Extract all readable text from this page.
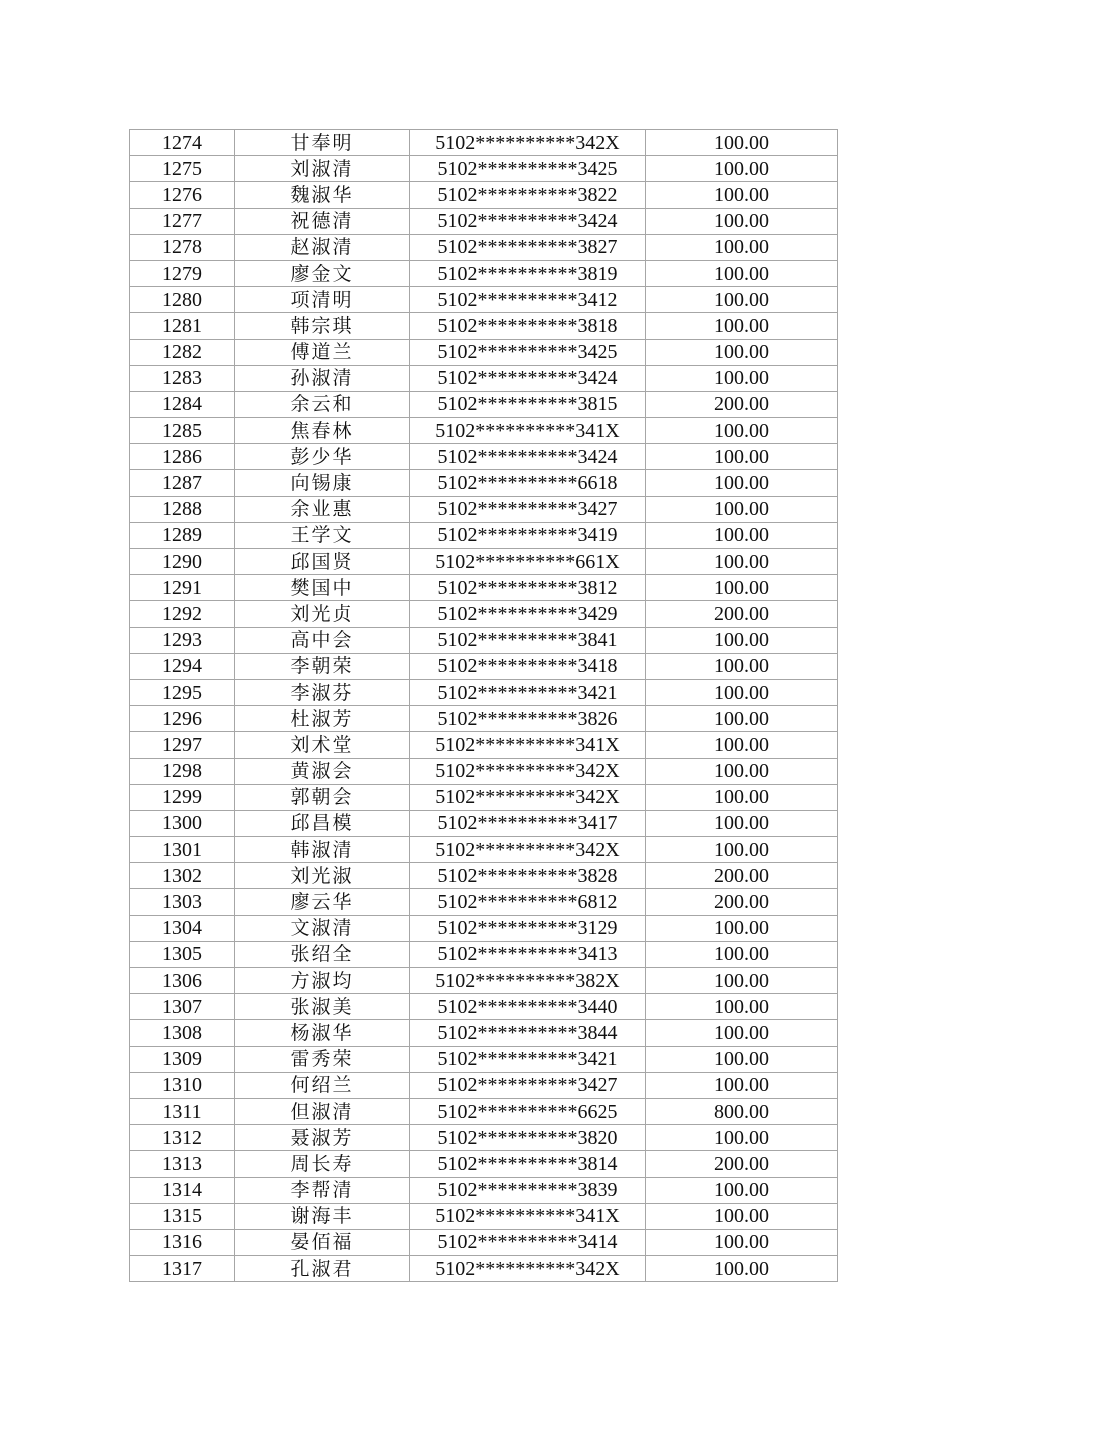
1274	甘奉明	5102**********342X	100.00
1275	刘淑清	5102**********3425	100.00
1276	魏淑华	5102**********3822	100.00
1277	祝德清	5102**********3424	100.00
1278	赵淑清	5102**********3827	100.00
1279	廖金文	5102**********3819	100.00
1280	项清明	5102**********3412	100.00
1281	韩宗琪	5102**********3818	100.00
1282	傅道兰	5102**********3425	100.00
1283	孙淑清	5102**********3424	100.00
1284	余云和	5102**********3815	200.00
1285	焦春林	5102**********341X	100.00
1286	彭少华	5102**********3424	100.00
1287	向锡康	5102**********6618	100.00
1288	余业惠	5102**********3427	100.00
1289	王学文	5102**********3419	100.00
1290	邱国贤	5102**********661X	100.00
1291	樊国中	5102**********3812	100.00
1292	刘光贞	5102**********3429	200.00
1293	高中会	5102**********3841	100.00
1294	李朝荣	5102**********3418	100.00
1295	李淑芬	5102**********3421	100.00
1296	杜淑芳	5102**********3826	100.00
1297	刘术堂	5102**********341X	100.00
1298	黄淑会	5102**********342X	100.00
1299	郭朝会	5102**********342X	100.00
1300	邱昌模	5102**********3417	100.00
1301	韩淑清	5102**********342X	100.00
1302	刘光淑	5102**********3828	200.00
1303	廖云华	5102**********6812	200.00
1304	文淑清	5102**********3129	100.00
1305	张绍全	5102**********3413	100.00
1306	方淑均	5102**********382X	100.00
1307	张淑美	5102**********3440	100.00
1308	杨淑华	5102**********3844	100.00
1309	雷秀荣	5102**********3421	100.00
1310	何绍兰	5102**********3427	100.00
1311	但淑清	5102**********6625	800.00
1312	聂淑芳	5102**********3820	100.00
1313	周长寿	5102**********3814	200.00
1314	李帮清	5102**********3839	100.00
1315	谢海丰	5102**********341X	100.00
1316	晏佰福	5102**********3414	100.00
1317	孔淑君	5102**********342X	100.00
